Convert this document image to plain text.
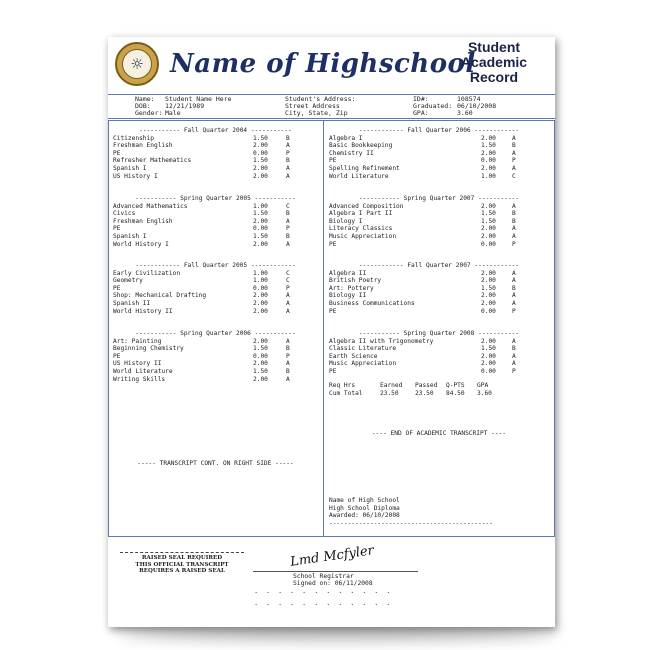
☼ Name of Highschool
Student
Academic
Record
Name: Student Name Here
DOB: 12/21/1989
Gender: Male
Student's Address:
Street Address
City, State, Zip
ID#:	108574
Graduated: 06/10/2008
GPA:	3.60
----------- Fall Quarter 2004 -----------
Citizenship	1.50	B
Freshman English	2.00	A
PE	0.00	P
Refresher Mathematics	1.50	B
Spanish I	2.00	A
US History I	2.00	A
----------- Spring Quarter 2005 -----------
Advanced Mathematics	1.00	C
Civics	1.50	B
Freshman English	2.00	A
PE	0.00	P
Spanish I	1.50	B
World History I	2.00	A
------------ Fall Quarter 2005 ------------
Early Civilization	1.00	C
Geometry	1.00	C
PE	0.00	P
Shop: Mechanical Drafting	2.00	A
Spanish II	2.00	A
World History II	2.00	A
----------- Spring Quarter 2006 -----------
Art: Painting	2.00	A
Beginning Chemistry	1.50	B
PE	0.00	P
US History II	2.00	A
World Literature	1.50	B
Writing Skills	2.00	A
----- TRANSCRIPT CONT. ON RIGHT SIDE -----
------------ Fall Quarter 2006 ------------
Algebra I	2.00	A
Basic Bookkeeping	1.50	B
Chemistry II	2.00	A
PE	0.00	P
Spelling Refinement	2.00	A
World Literature	1.00	C
----------- Spring Quarter 2007 -----------
Advanced Composition	2.00	A
Algebra I Part II	1.50	B
Biology I	1.50	B
Literacy Classics	2.00	A
Music Appreciation	2.00	A
PE	0.00	P
------------ Fall Quarter 2007 ------------
Algebra II	2.00	A
British Poetry	2.00	A
Art: Pottery	1.50	B
Biology II	2.00	A
Business Communications	2.00	A
PE	0.00	P
----------- Spring Quarter 2008 -----------
Algebra II with Trigonometry	2.00	A
Classic Literature	1.50	B
Earth Science	2.00	A
Music Appreciation	2.00	A
PE	0.00	P
Req Hrs	Earned Passed Q-PTS GPA
Cum Total	23.50	23.50 84.50 3.60
---- END OF ACADEMIC TRANSCRIPT ----
Name of High School
High School Diploma
Awarded: 06/10/2008
--------------------------------------------
RAISED SEAL REQUIRED
THIS OFFICIAL TRANSCRIPT
REQUIRES A RAISED SEAL
Lmd Mcfyler
School Registrar
Signed on: 06/11/2008
............
............
